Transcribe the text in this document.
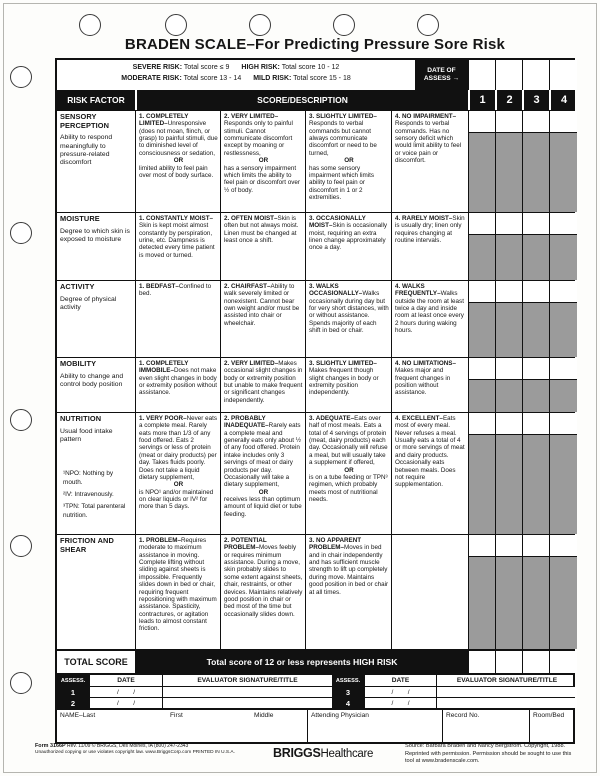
BRADEN SCALE–For Predicting Pressure Sore Risk
SEVERE RISK: Total score ≤ 9 HIGH RISK: Total score 10 - 12
MODERATE RISK: Total score 13 - 14 MILD RISK: Total score 15 - 18
DATE OF
ASSESS →
RISK FACTOR	SCORE/DESCRIPTION	1	2	3	4
SENSORY PERCEPTION
Ability to respond meaningfully to pressure-related discomfort

1. COMPLETELY LIMITED–Unresponsive (does not moan, flinch, or grasp) to painful stimuli, due to diminished level of consciousness or sedation,

OR

limited ability to feel pain over most of body surface.

2. VERY LIMITED–Responds only to painful stimuli. Cannot communicate discomfort except by moaning or restlessness,

OR

has a sensory impairment which limits the ability to feel pain or discomfort over ½ of body.

3. SLIGHTLY LIMITED–Responds to verbal commands but cannot always communicate discomfort or need to be turned,

OR

has some sensory impairment which limits ability to feel pain or discomfort in 1 or 2 extremities.

4. NO IMPAIRMENT–Responds to verbal commands. Has no sensory deficit which would limit ability to feel or voice pain or discomfort.

MOISTURE
Degree to which skin is exposed to moisture

1. CONSTANTLY MOIST–Skin is kept moist almost constantly by perspiration, urine, etc. Dampness is detected every time patient is moved or turned.

2. OFTEN MOIST–Skin is often but not always moist. Linen must be changed at least once a shift.

3. OCCASIONALLY MOIST–Skin is occasionally moist, requiring an extra linen change approximately once a day.

4. RARELY MOIST–Skin is usually dry; linen only requires changing at routine intervals.

ACTIVITY
Degree of physical activity

1. BEDFAST–Confined to bed.

2. CHAIRFAST–Ability to walk severely limited or nonexistent. Cannot bear own weight and/or must be assisted into chair or wheelchair.

3. WALKS OCCASIONALLY–Walks occasionally during day but for very short distances, with or without assistance. Spends majority of each shift in bed or chair.

4. WALKS FREQUENTLY–Walks outside the room at least twice a day and inside room at least once every 2 hours during waking hours.

MOBILITY
Ability to change and control body position

1. COMPLETELY IMMOBILE–Does not make even slight changes in body or extremity position without assistance.

2. VERY LIMITED–Makes occasional slight changes in body or extremity position but unable to make frequent or significant changes independently.

3. SLIGHTLY LIMITED–Makes frequent though slight changes in body or extremity position independently.

4. NO LIMITATIONS–Makes major and frequent changes in position without assistance.

NUTRITION
Usual food intake pattern
¹NPO: Nothing by mouth.
²IV: Intravenously.
³TPN: Total parenteral nutrition.

1. VERY POOR–Never eats a complete meal. Rarely eats more than 1/3 of any food offered. Eats 2 servings or less of protein (meat or dairy products) per day. Takes fluids poorly. Does not take a liquid dietary supplement,

OR

is NPO¹ and/or maintained on clear liquids or IV² for more than 5 days.

2. PROBABLY INADEQUATE–Rarely eats a complete meal and generally eats only about ½ of any food offered. Protein intake includes only 3 servings of meat or dairy products per day. Occasionally will take a dietary supplement,

OR

receives less than optimum amount of liquid diet or tube feeding.

3. ADEQUATE–Eats over half of most meals. Eats a total of 4 servings of protein (meat, dairy products) each day. Occasionally will refuse a meal, but will usually take a supplement if offered,

OR

is on a tube feeding or TPN³ regimen, which probably meets most of nutritional needs.

4. EXCELLENT–Eats most of every meal. Never refuses a meal. Usually eats a total of 4 or more servings of meat and dairy products. Occasionally eats between meals. Does not require supplementation.

FRICTION AND SHEAR

1. PROBLEM–Requires moderate to maximum assistance in moving. Complete lifting without sliding against sheets is impossible. Frequently slides down in bed or chair, requiring frequent repositioning with maximum assistance. Spasticity, contractures, or agitation leads to almost constant friction.

2. POTENTIAL PROBLEM–Moves feebly or requires minimum assistance. During a move, skin probably slides to some extent against sheets, chair, restraints, or other devices. Maintains relatively good position in chair or bed most of the time but occasionally slides down.

3. NO APPARENT PROBLEM–Moves in bed and in chair independently and has sufficient muscle strength to lift up completely during move. Maintains good position in bed or chair at all times.

TOTAL SCORE	Total score of 12 or less represents HIGH RISK
ASSESS.	DATE	EVALUATOR SIGNATURE/TITLE	ASSESS.	DATE	EVALUATOR SIGNATURE/TITLE
1	/        /	3	/        /
2	/        /	4	/        /
NAME–Last	First	Middle	Attending Physician	Record No.	Room/Bed
Form 3166P Rev. 11/09 © BRIGGS, Des Moines, IA (800) 247-2343
Unauthorized copying or use violates copyright law. www.BriggsCorp.com PRINTED IN U.S.A.	BRIGGSHealthcare
Source: Barbara Braden and Nancy Bergstrom. Copyright, 1988. Reprinted with permission. Permission should be sought to use this tool at www.bradenscale.com.
